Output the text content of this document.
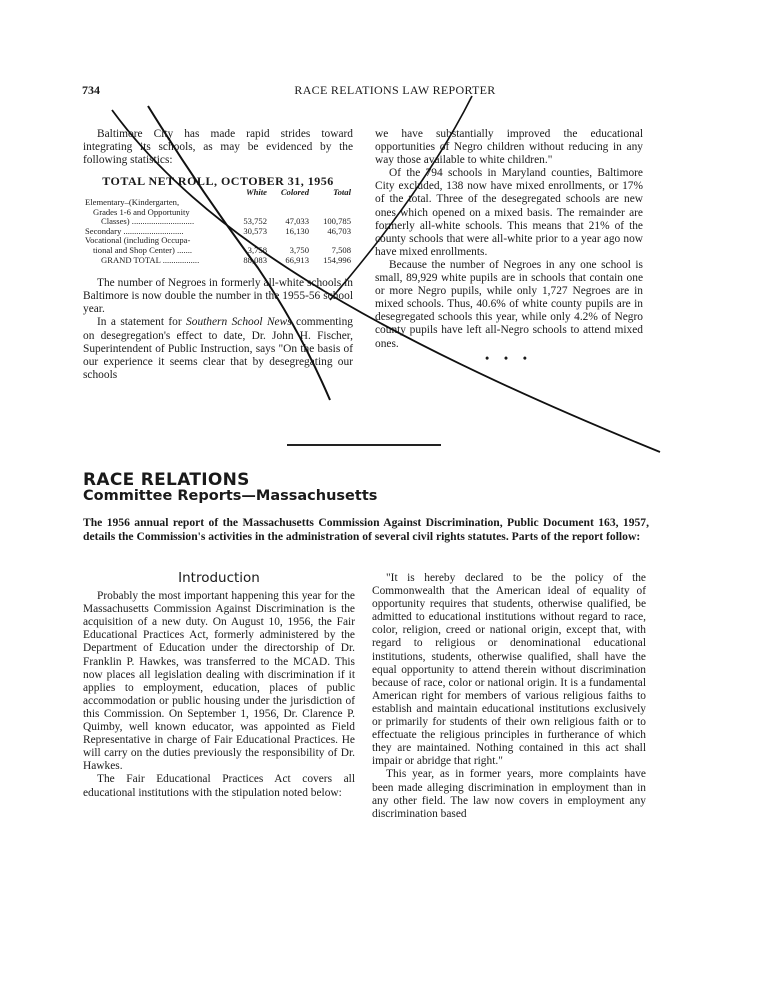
734	RACE RELATIONS LAW REPORTER

Baltimore City has made rapid strides toward integrating its schools, as may be evidenced by the following statistics:

TOTAL NET ROLL, OCTOBER 31, 1956
	White	Colored	Total
Elementary–(Kindergarten,			
Grades 1-6 and Opportunity			
Classes) .............................	53,752	47,033	100,785
Secondary ............................	30,573	16,130	46,703
Vocational (including Occupa-			
tional and Shop Center) .......	3,758	3,750	7,508
GRAND TOTAL .................	88,083	66,913	154,996

The number of Negroes in formerly all-white schools in Baltimore is now double the number in the 1955-56 school year.

In a statement for Southern School News commenting on desegregation's effect to date, Dr. John H. Fischer, Superintendent of Public Instruction, says "On the basis of our experience it seems clear that by desegregating our schools

we have substantially improved the educational opportunities of Negro children without reducing in any way those available to white children."

Of the 794 schools in Maryland counties, Baltimore City excluded, 138 now have mixed enrollments, or 17% of the total. Three of the desegregated schools are new ones which opened on a mixed basis. The remainder are formerly all-white schools. This means that 21% of the county schools that were all-white prior to a year ago now have mixed enrollments.

Because the number of Negroes in any one school is small, 89,929 white pupils are in schools that contain one or more Negro pupils, while only 1,727 Negroes are in mixed schools. Thus, 40.6% of white county pupils are in desegregated schools this year, while only 4.2% of Negro county pupils have left all-Negro schools to attend mixed ones.

• • •
RACE RELATIONS
Committee Reports—Massachusetts
The 1956 annual report of the Massachusetts Commission Against Discrimination, Public Document 163, 1957, details the Commission's activities in the administration of several civil rights statutes. Parts of the report follow:
Introduction

Probably the most important happening this year for the Massachusetts Commission Against Discrimination is the acquisition of a new duty. On August 10, 1956, the Fair Educational Practices Act, formerly administered by the Department of Education under the directorship of Dr. Franklin P. Hawkes, was transferred to the MCAD. This now places all legislation dealing with discrimination if it applies to employment, education, places of public accommodation or public housing under the jurisdiction of this Commission. On September 1, 1956, Dr. Clarence P. Quimby, well known educator, was appointed as Field Representative in charge of Fair Educational Practices. He will carry on the duties previously the responsibility of Dr. Hawkes.

The Fair Educational Practices Act covers all educational institutions with the stipulation noted below:

"It is hereby declared to be the policy of the Commonwealth that the American ideal of equality of opportunity requires that students, otherwise qualified, be admitted to educational institutions without regard to race, color, religion, creed or national origin, except that, with regard to religious or denominational educational institutions, students, otherwise qualified, shall have the equal opportunity to attend therein without discrimination because of race, color or national origin. It is a fundamental American right for members of various religious faiths to establish and maintain educational institutions exclusively or primarily for students of their own religious faith or to effectuate the religious principles in furtherance of which they are maintained. Nothing contained in this act shall impair or abridge that right."

This year, as in former years, more complaints have been made alleging discrimination in employment than in any other field. The law now covers in employment any discrimination based
